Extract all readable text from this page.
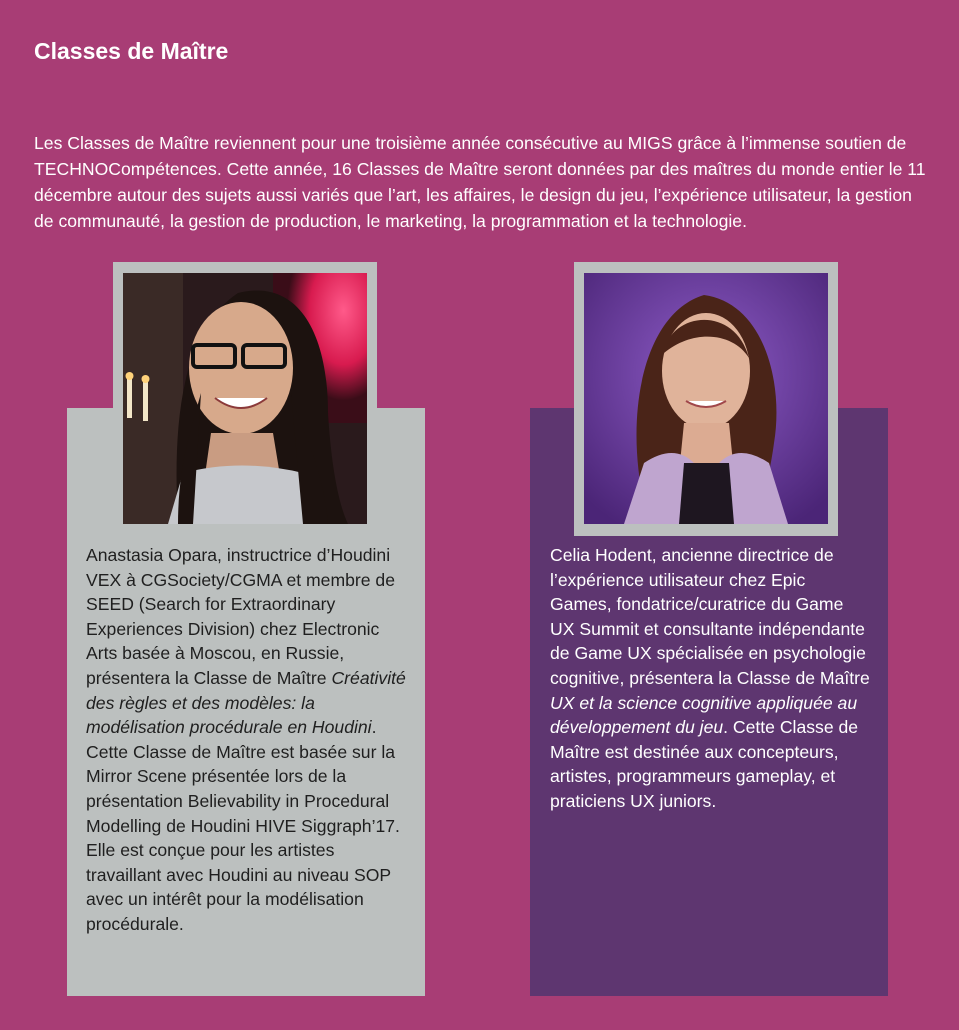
Classes de Maître

Les Classes de Maître reviennent pour une troisième année consécutive au MIGS grâce à l’immense soutien de TECHNOCompétences. Cette année, 16 Classes de Maître seront données par des maîtres du monde entier le 11 décembre autour des sujets aussi variés que l’art, les affaires, le design du jeu, l’expérience utilisateur, la gestion de communauté, la gestion de production, le marketing, la programmation et la technologie.

Anastasia Opara, instructrice d’Houdini VEX à CGSociety/CGMA et membre de SEED (Search for Extraordinary Experiences Division) chez Electronic Arts basée à Moscou, en Russie, présentera la Classe de Maître Créativité des règles et des modèles: la modélisation procédurale en Houdini. Cette Classe de Maître est basée sur la Mirror Scene présentée lors de la présentation Believability in Procedural Modelling de Houdini HIVE Siggraph’17. Elle est conçue pour les artistes travaillant avec Houdini au niveau SOP avec un intérêt pour la modélisation procédurale.

Celia Hodent, ancienne directrice de l’expérience utilisateur chez Epic Games, fondatrice/curatrice du Game UX Summit et consultante indépendante de Game UX spécialisée en psychologie cognitive, présentera la Classe de Maître UX et la science cognitive appliquée au développement du jeu. Cette Classe de Maître est destinée aux concepteurs, artistes, programmeurs gameplay, et praticiens UX juniors.
